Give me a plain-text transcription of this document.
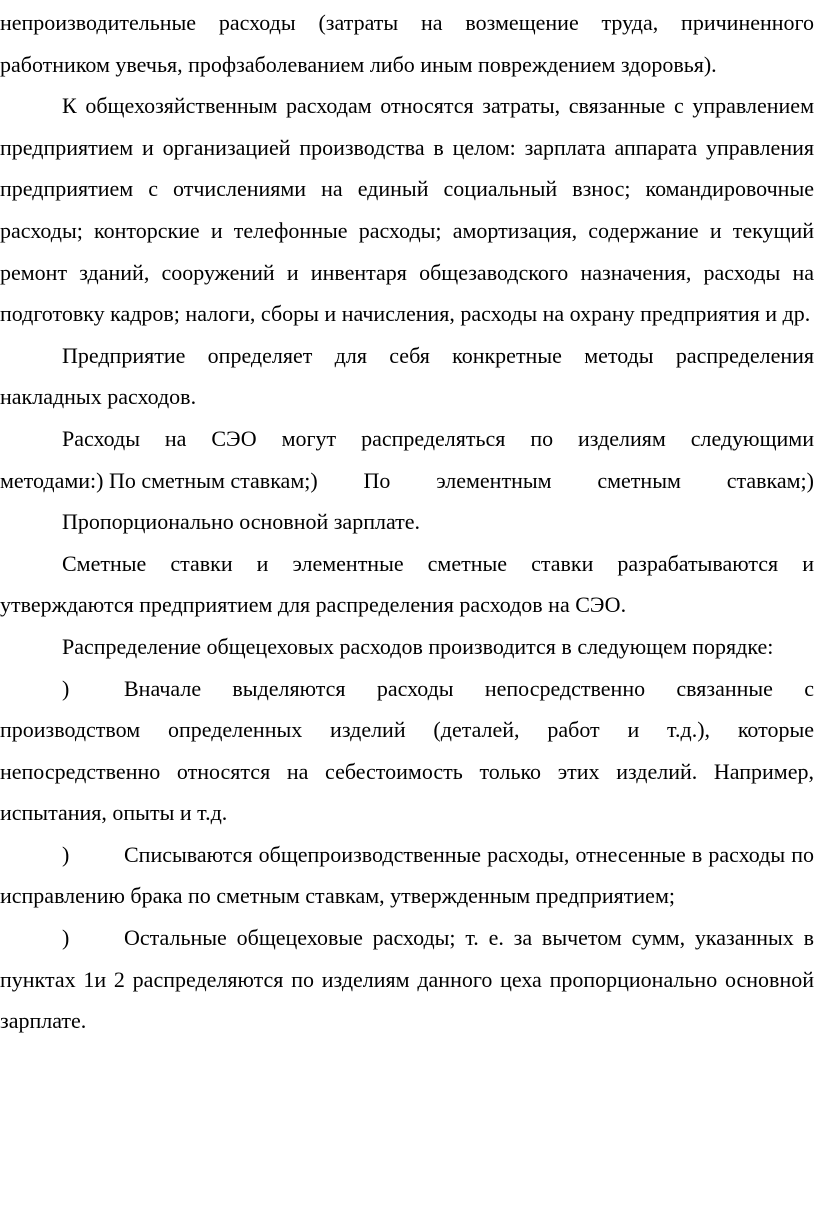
непроизводительные расходы (затраты на возмещение труда, причиненного работником увечья, профзаболеванием либо иным повреждением здоровья).

К общехозяйственным расходам относятся затраты, связанные с управлением предприятием и организацией производства в целом: зарплата аппарата управления предприятием с отчислениями на единый социальный взнос; командировочные расходы; конторские и телефонные расходы; амортизация, содержание и текущий ремонт зданий, сооружений и инвентаря общезаводского назначения, расходы на подготовку кадров; налоги, сборы и начисления, расходы на охрану предприятия и др.

Предприятие определяет для себя конкретные методы распределения накладных расходов.

Расходы на СЭО могут распределяться по изделиям следующими

методами:) По сметным ставкам;) По элементным сметным ставкам;)

Пропорционально основной зарплате.

Сметные ставки и элементные сметные ставки разрабатываются и утверждаются предприятием для распределения расходов на СЭО.

Распределение общецеховых расходов производится в следующем порядке:

) Вначале выделяются расходы непосредственно связанные с производством определенных изделий (деталей, работ и т.д.), которые непосредственно относятся на себестоимость только этих изделий. Например, испытания, опыты и т.д.

) Списываются общепроизводственные расходы, отнесенные в расходы по исправлению брака по сметным ставкам, утвержденным предприятием;

) Остальные общецеховые расходы; т. е. за вычетом сумм, указанных в пунктах 1и 2 распределяются по изделиям данного цеха пропорционально основной зарплате.
